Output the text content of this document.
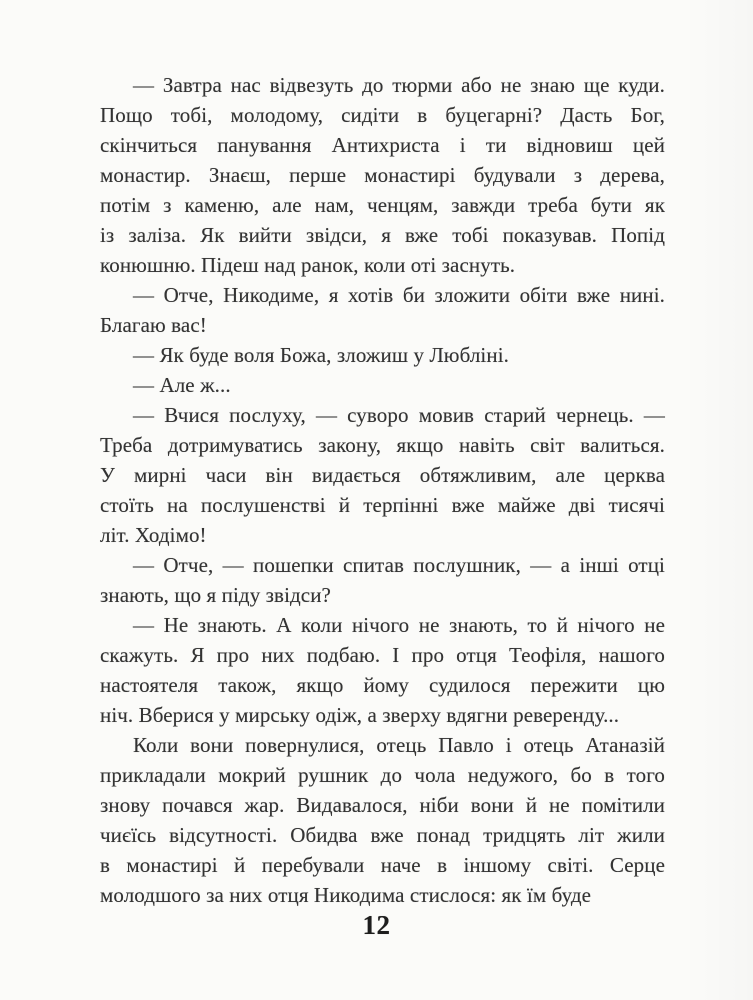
— Завтра нас відвезуть до тюрми або не знаю ще куди.
Пощо тобі, молодому, сидіти в буцегарні? Дасть Бог,
скінчиться панування Антихриста і ти відновиш цей
монастир. Знаєш, перше монастирі будували з дерева,
потім з каменю, але нам, ченцям, завжди треба бути як
із заліза. Як вийти звідси, я вже тобі показував. Попід
конюшню. Підеш над ранок, коли оті заснуть.
— Отче, Никодиме, я хотів би зложити обіти вже нині.
Благаю вас!
— Як буде воля Божа, зложиш у Любліні.
— Але ж...
— Вчися послуху, — суворо мовив старий чернець. —
Треба дотримуватись закону, якщо навіть світ валиться.
У мирні часи він видається обтяжливим, але церква
стоїть на послушенстві й терпінні вже майже дві тисячі
літ. Ходімо!
— Отче, — пошепки спитав послушник, — а інші отці
знають, що я піду звідси?
— Не знають. А коли нічого не знають, то й нічого не
скажуть. Я про них подбаю. І про отця Теофіля, нашого
настоятеля також, якщо йому судилося пережити цю
ніч. Вберися у мирську одіж, а зверху вдягни реверенду...
Коли вони повернулися, отець Павло і отець Атаназій
прикладали мокрий рушник до чола недужого, бо в того
знову почався жар. Видавалося, ніби вони й не помітили
чиєїсь відсутності. Обидва вже понад тридцять літ жили
в монастирі й перебували наче в іншому світі. Серце
молодшого за них отця Никодима стислося: як їм буде
12
